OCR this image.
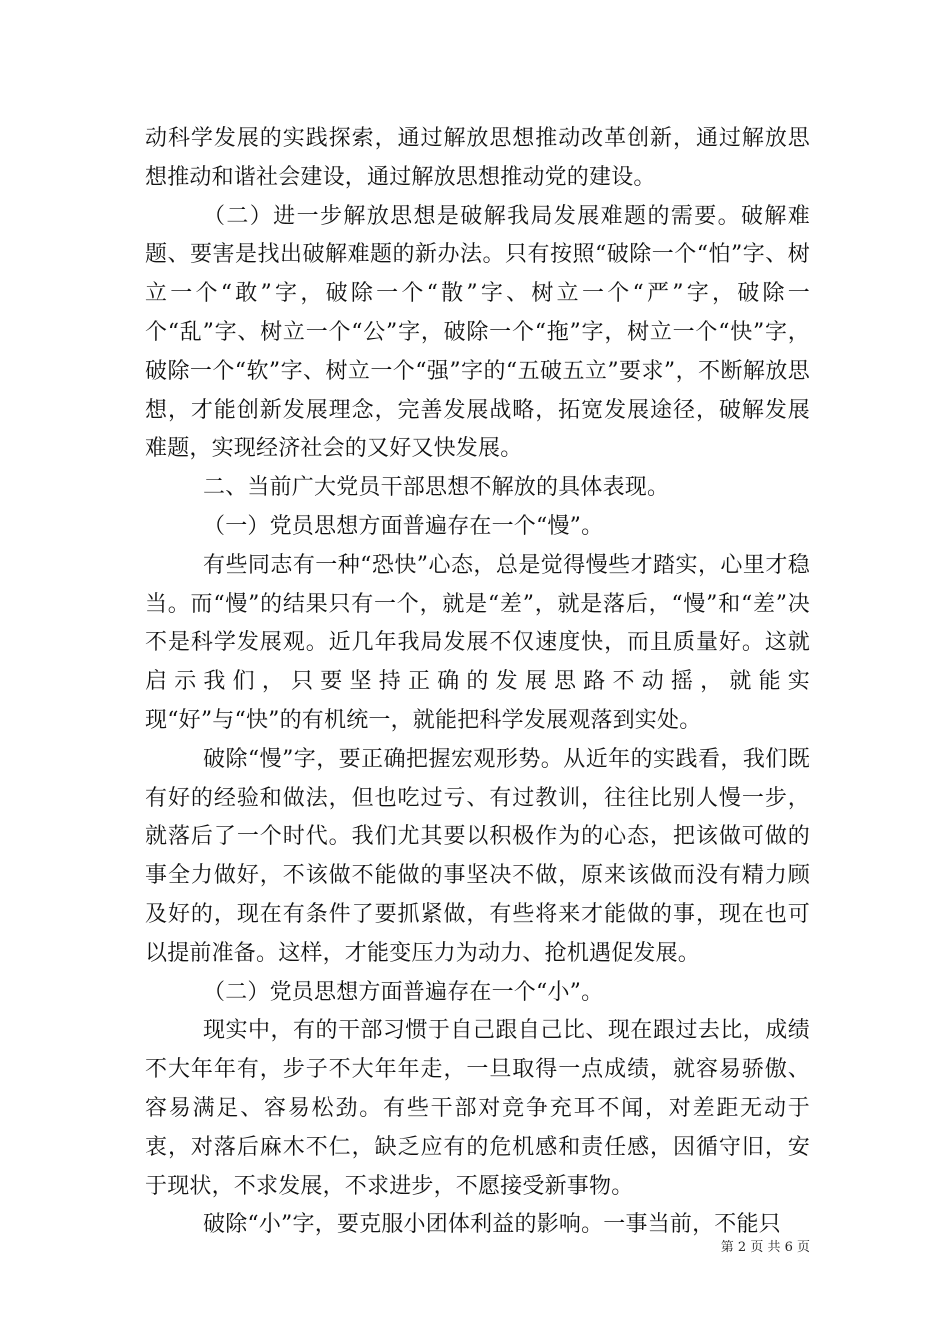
动科学发展的实践探索，通过解放思想推动改革创新，通过解放思想推动和谐社会建设，通过解放思想推动党的建设。

（二）进一步解放思想是破解我局发展难题的需要。破解难题、要害是找出破解难题的新办法。只有按照“破除一个“怕”字、树立一个“敢”字，破除一个“散”字、树立一个“严”字，破除一个“乱”字、树立一个“公”字，破除一个“拖”字，树立一个“快”字，破除一个“软”字、树立一个“强”字的“五破五立”要求”，不断解放思想，才能创新发展理念，完善发展战略，拓宽发展途径，破解发展难题，实现经济社会的又好又快发展。

二、当前广大党员干部思想不解放的具体表现。

（一）党员思想方面普遍存在一个“慢”。

有些同志有一种“恐快”心态，总是觉得慢些才踏实，心里才稳当。而“慢”的结果只有一个，就是“差”，就是落后，“慢”和“差”决不是科学发展观。近几年我局发展不仅速度快，而且质量好。这就启示我们，只要坚持正确的发展思路不动摇，就能实现“好”与“快”的有机统一，就能把科学发展观落到实处。

破除“慢”字，要正确把握宏观形势。从近年的实践看，我们既有好的经验和做法，但也吃过亏、有过教训，往往比别人慢一步，就落后了一个时代。我们尤其要以积极作为的心态，把该做可做的事全力做好，不该做不能做的事坚决不做，原来该做而没有精力顾及好的，现在有条件了要抓紧做，有些将来才能做的事，现在也可以提前准备。这样，才能变压力为动力、抢机遇促发展。

（二）党员思想方面普遍存在一个“小”。

现实中，有的干部习惯于自己跟自己比、现在跟过去比，成绩不大年年有，步子不大年年走，一旦取得一点成绩，就容易骄傲、容易满足、容易松劲。有些干部对竞争充耳不闻，对差距无动于衷，对落后麻木不仁，缺乏应有的危机感和责任感，因循守旧，安于现状，不求发展，不求进步，不愿接受新事物。

破除“小”字，要克服小团体利益的影响。一事当前，不能只

第 2 页 共 6 页
